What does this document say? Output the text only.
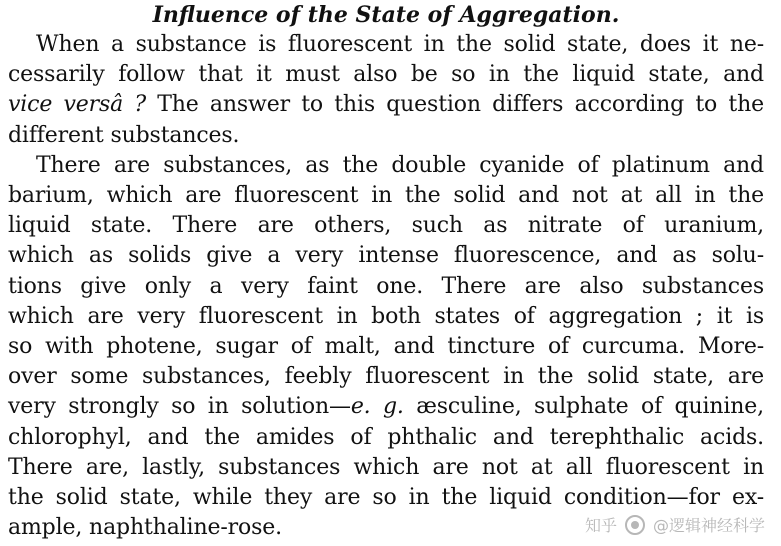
Influence of the State of Aggregation.
When a substance is fluorescent in the solid state, does it ne-
cessarily follow that it must also be so in the liquid state, and
vice versâ ? The answer to this question differs according to the
different substances.
There are substances, as the double cyanide of platinum and
barium, which are fluorescent in the solid and not at all in the
liquid state. There are others, such as nitrate of uranium,
which as solids give a very intense fluorescence, and as solu-
tions give only a very faint one. There are also substances
which are very fluorescent in both states of aggregation ; it is
so with photene, sugar of malt, and tincture of curcuma. More-
over some substances, feebly fluorescent in the solid state, are
very strongly so in solution—e. g. æsculine, sulphate of quinine,
chlorophyl, and the amides of phthalic and terephthalic acids.
There are, lastly, substances which are not at all fluorescent in
the solid state, while they are so in the liquid condition—for ex-
ample, naphthaline-rose.	知乎 @逻辑神经科学
